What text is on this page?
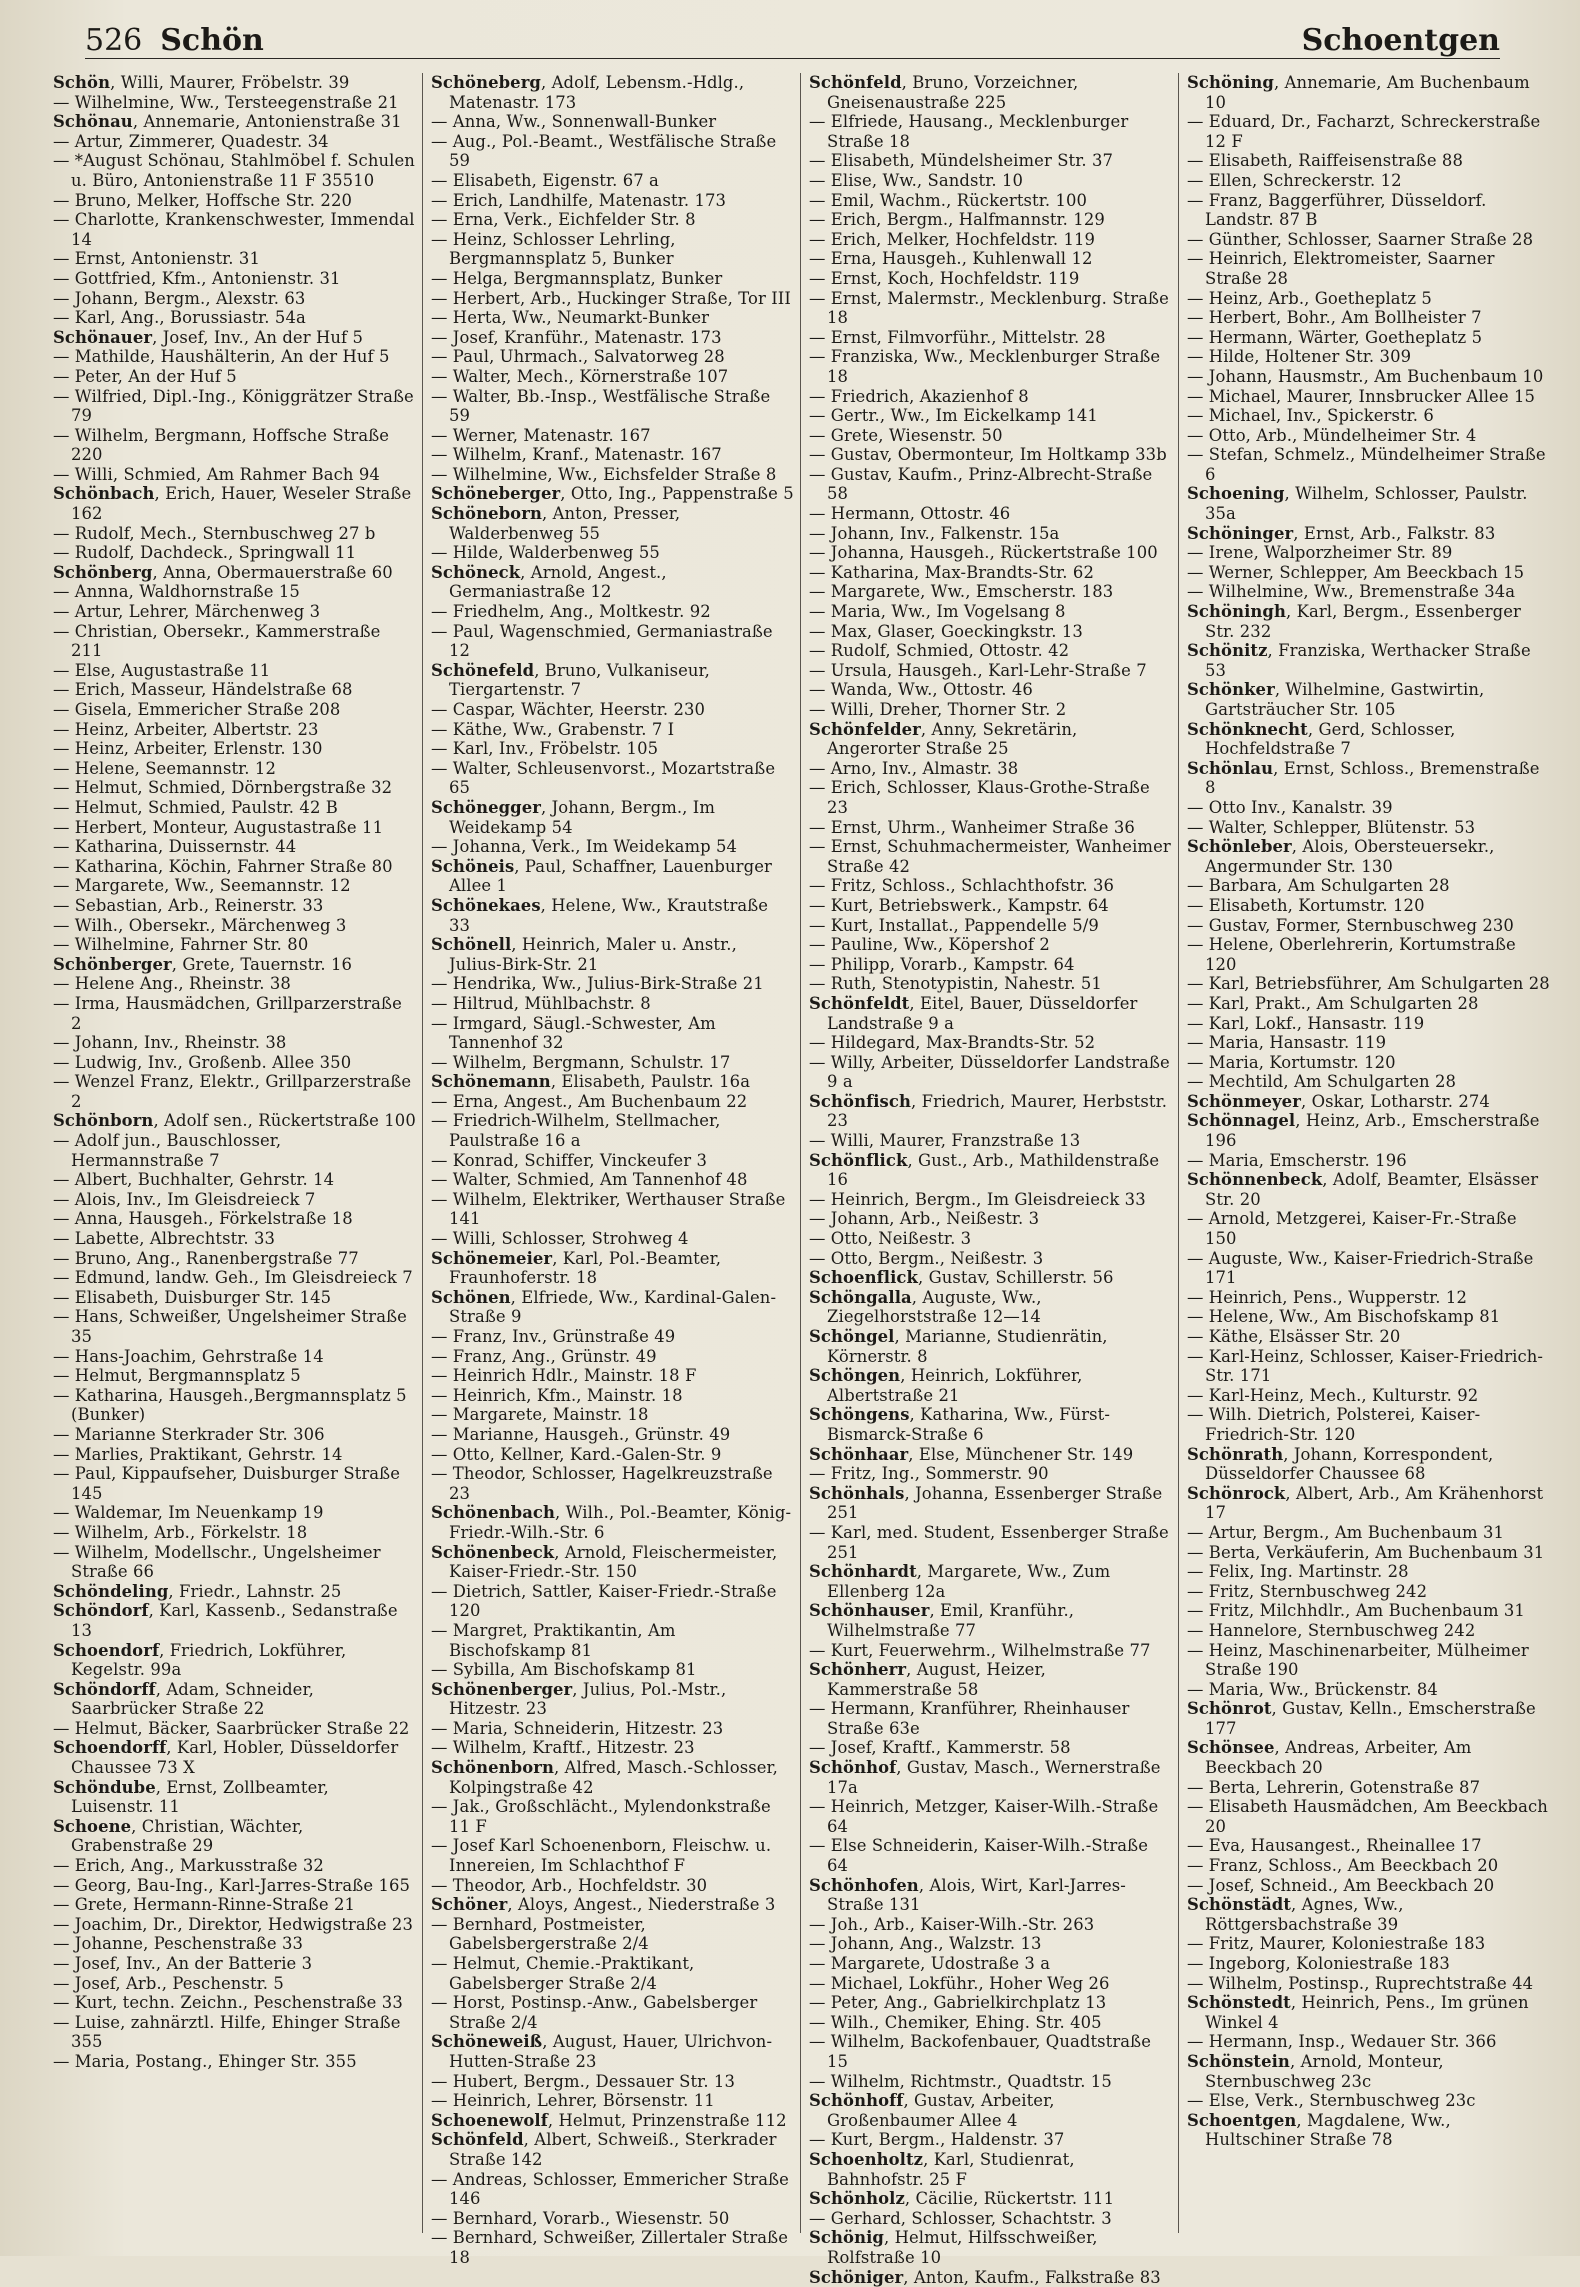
526 Schön	Schoentgen
Schön, Willi, Maurer, Fröbelstr. 39
— Wilhelmine, Ww., Tersteegenstraße 21
Schönau, Annemarie, Antonienstraße 31
— Artur, Zimmerer, Quadestr. 34
— *August Schönau, Stahlmöbel f. Schulen u. Büro, Antonienstraße 11 F 35510
— Bruno, Melker, Hoffsche Str. 220
— Charlotte, Krankenschwester, Immendal 14
— Ernst, Antonienstr. 31
— Gottfried, Kfm., Antonienstr. 31
— Johann, Bergm., Alexstr. 63
— Karl, Ang., Borussiastr. 54a
Schönauer, Josef, Inv., An der Huf 5
— Mathilde, Haushälterin, An der Huf 5
— Peter, An der Huf 5
— Wilfried, Dipl.-Ing., Königgrätzer Straße 79
— Wilhelm, Bergmann, Hoffsche Straße 220
— Willi, Schmied, Am Rahmer Bach 94
Schönbach, Erich, Hauer, Weseler Straße 162
— Rudolf, Mech., Sternbuschweg 27 b
— Rudolf, Dachdeck., Springwall 11
Schönberg, Anna, Obermauerstraße 60
— Annna, Waldhornstraße 15
— Artur, Lehrer, Märchenweg 3
— Christian, Obersekr., Kammerstraße 211
— Else, Augustastraße 11
— Erich, Masseur, Händelstraße 68
— Gisela, Emmericher Straße 208
— Heinz, Arbeiter, Albertstr. 23
— Heinz, Arbeiter, Erlenstr. 130
— Helene, Seemannstr. 12
— Helmut, Schmied, Dörnbergstraße 32
— Helmut, Schmied, Paulstr. 42 B
— Herbert, Monteur, Augustastraße 11
— Katharina, Duissernstr. 44
— Katharina, Köchin, Fahrner Straße 80
— Margarete, Ww., Seemannstr. 12
— Sebastian, Arb., Reinerstr. 33
— Wilh., Obersekr., Märchenweg 3
— Wilhelmine, Fahrner Str. 80
Schönberger, Grete, Tauernstr. 16
— Helene Ang., Rheinstr. 38
— Irma, Hausmädchen, Grillparzerstraße 2
— Johann, Inv., Rheinstr. 38
— Ludwig, Inv., Großenb. Allee 350
— Wenzel Franz, Elektr., Grillparzerstraße 2
Schönborn, Adolf sen., Rückertstraße 100
— Adolf jun., Bauschlosser, Hermannstraße 7
— Albert, Buchhalter, Gehrstr. 14
— Alois, Inv., Im Gleisdreieck 7
— Anna, Hausgeh., Förkelstraße 18
— Labette, Albrechtstr. 33
— Bruno, Ang., Ranenbergstraße 77
— Edmund, landw. Geh., Im Gleisdreieck 7
— Elisabeth, Duisburger Str. 145
— Hans, Schweißer, Ungelsheimer Straße 35
— Hans-Joachim, Gehrstraße 14
— Helmut, Bergmannsplatz 5
— Katharina, Hausgeh.,Bergmannsplatz 5 (Bunker)
— Marianne Sterkrader Str. 306
— Marlies, Praktikant, Gehrstr. 14
— Paul, Kippaufseher, Duisburger Straße 145
— Waldemar, Im Neuenkamp 19
— Wilhelm, Arb., Förkelstr. 18
— Wilhelm, Modellschr., Ungelsheimer Straße 66
Schöndeling, Friedr., Lahnstr. 25
Schöndorf, Karl, Kassenb., Sedanstraße 13
Schoendorf, Friedrich, Lokführer, Kegelstr. 99a
Schöndorff, Adam, Schneider, Saarbrücker Straße 22
— Helmut, Bäcker, Saarbrücker Straße 22
Schoendorff, Karl, Hobler, Düsseldorfer Chaussee 73 X
Schöndube, Ernst, Zollbeamter, Luisenstr. 11
Schoene, Christian, Wächter, Grabenstraße 29
— Erich, Ang., Markusstraße 32
— Georg, Bau-Ing., Karl-Jarres-Straße 165
— Grete, Hermann-Rinne-Straße 21
— Joachim, Dr., Direktor, Hedwigstraße 23
— Johanne, Peschenstraße 33
— Josef, Inv., An der Batterie 3
— Josef, Arb., Peschenstr. 5
— Kurt, techn. Zeichn., Peschenstraße 33
— Luise, zahnärztl. Hilfe, Ehinger Straße 355
— Maria, Postang., Ehinger Str. 355
Schöneberg, Adolf, Lebensm.-Hdlg., Matenastr. 173
— Anna, Ww., Sonnenwall-Bunker
— Aug., Pol.-Beamt., Westfälische Straße 59
— Elisabeth, Eigenstr. 67 a
— Erich, Landhilfe, Matenastr. 173
— Erna, Verk., Eichfelder Str. 8
— Heinz, Schlosser Lehrling, Bergmannsplatz 5, Bunker
— Helga, Bergmannsplatz, Bunker
— Herbert, Arb., Huckinger Straße, Tor III
— Herta, Ww., Neumarkt-Bunker
— Josef, Kranführ., Matenastr. 173
— Paul, Uhrmach., Salvatorweg 28
— Walter, Mech., Körnerstraße 107
— Walter, Bb.-Insp., Westfälische Straße 59
— Werner, Matenastr. 167
— Wilhelm, Kranf., Matenastr. 167
— Wilhelmine, Ww., Eichsfelder Straße 8
Schöneberger, Otto, Ing., Pappenstraße 5
Schöneborn, Anton, Presser, Walderbenweg 55
— Hilde, Walderbenweg 55
Schöneck, Arnold, Angest., Germaniastraße 12
— Friedhelm, Ang., Moltkestr. 92
— Paul, Wagenschmied, Germaniastraße 12
Schönefeld, Bruno, Vulkaniseur, Tiergartenstr. 7
— Caspar, Wächter, Heerstr. 230
— Käthe, Ww., Grabenstr. 7 I
— Karl, Inv., Fröbelstr. 105
— Walter, Schleusenvorst., Mozartstraße 65
Schönegger, Johann, Bergm., Im Weidekamp 54
— Johanna, Verk., Im Weidekamp 54
Schöneis, Paul, Schaffner, Lauenburger Allee 1
Schönekaes, Helene, Ww., Krautstraße 33
Schönell, Heinrich, Maler u. Anstr., Julius-Birk-Str. 21
— Hendrika, Ww., Julius-Birk-Straße 21
— Hiltrud, Mühlbachstr. 8
— Irmgard, Säugl.-Schwester, Am Tannenhof 32
— Wilhelm, Bergmann, Schulstr. 17
Schönemann, Elisabeth, Paulstr. 16a
— Erna, Angest., Am Buchenbaum 22
— Friedrich-Wilhelm, Stellmacher, Paulstraße 16 a
— Konrad, Schiffer, Vinckeufer 3
— Walter, Schmied, Am Tannenhof 48
— Wilhelm, Elektriker, Werthauser Straße 141
— Willi, Schlosser, Strohweg 4
Schönemeier, Karl, Pol.-Beamter, Fraunhoferstr. 18
Schönen, Elfriede, Ww., Kardinal-Galen-Straße 9
— Franz, Inv., Grünstraße 49
— Franz, Ang., Grünstr. 49
— Heinrich Hdlr., Mainstr. 18 F
— Heinrich, Kfm., Mainstr. 18
— Margarete, Mainstr. 18
— Marianne, Hausgeh., Grünstr. 49
— Otto, Kellner, Kard.-Galen-Str. 9
— Theodor, Schlosser, Hagelkreuzstraße 23
Schönenbach, Wilh., Pol.-Beamter, König-Friedr.-Wilh.-Str. 6
Schönenbeck, Arnold, Fleischermeister, Kaiser-Friedr.-Str. 150
— Dietrich, Sattler, Kaiser-Friedr.-Straße 120
— Margret, Praktikantin, Am Bischofskamp 81
— Sybilla, Am Bischofskamp 81
Schönenberger, Julius, Pol.-Mstr., Hitzestr. 23
— Maria, Schneiderin, Hitzestr. 23
— Wilhelm, Kraftf., Hitzestr. 23
Schönenborn, Alfred, Masch.-Schlosser, Kolpingstraße 42
— Jak., Großschlächt., Mylendonkstraße 11 F
— Josef Karl Schoenenborn, Fleischw. u. Innereien, Im Schlachthof F
— Theodor, Arb., Hochfeldstr. 30
Schöner, Aloys, Angest., Niederstraße 3
— Bernhard, Postmeister, Gabelsbergerstraße 2/4
— Helmut, Chemie.-Praktikant, Gabelsberger Straße 2/4
— Horst, Postinsp.-Anw., Gabelsberger Straße 2/4
Schöneweiß, August, Hauer, Ulrichvon-Hutten-Straße 23
— Hubert, Bergm., Dessauer Str. 13
— Heinrich, Lehrer, Börsenstr. 11
Schoenewolf, Helmut, Prinzenstraße 112
Schönfeld, Albert, Schweiß., Sterkrader Straße 142
— Andreas, Schlosser, Emmericher Straße 146
— Bernhard, Vorarb., Wiesenstr. 50
— Bernhard, Schweißer, Zillertaler Straße 18
Schönfeld, Bruno, Vorzeichner, Gneisenaustraße 225
— Elfriede, Hausang., Mecklenburger Straße 18
— Elisabeth, Mündelsheimer Str. 37
— Elise, Ww., Sandstr. 10
— Emil, Wachm., Rückertstr. 100
— Erich, Bergm., Halfmannstr. 129
— Erich, Melker, Hochfeldstr. 119
— Erna, Hausgeh., Kuhlenwall 12
— Ernst, Koch, Hochfeldstr. 119
— Ernst, Malermstr., Mecklenburg. Straße 18
— Ernst, Filmvorführ., Mittelstr. 28
— Franziska, Ww., Mecklenburger Straße 18
— Friedrich, Akazienhof 8
— Gertr., Ww., Im Eickelkamp 141
— Grete, Wiesenstr. 50
— Gustav, Obermonteur, Im Holtkamp 33b
— Gustav, Kaufm., Prinz-Albrecht-Straße 58
— Hermann, Ottostr. 46
— Johann, Inv., Falkenstr. 15a
— Johanna, Hausgeh., Rückertstraße 100
— Katharina, Max-Brandts-Str. 62
— Margarete, Ww., Emscherstr. 183
— Maria, Ww., Im Vogelsang 8
— Max, Glaser, Goeckingkstr. 13
— Rudolf, Schmied, Ottostr. 42
— Ursula, Hausgeh., Karl-Lehr-Straße 7
— Wanda, Ww., Ottostr. 46
— Willi, Dreher, Thorner Str. 2
Schönfelder, Anny, Sekretärin, Angerorter Straße 25
— Arno, Inv., Almastr. 38
— Erich, Schlosser, Klaus-Grothe-Straße 23
— Ernst, Uhrm., Wanheimer Straße 36
— Ernst, Schuhmachermeister, Wanheimer Straße 42
— Fritz, Schloss., Schlachthofstr. 36
— Kurt, Betriebswerk., Kampstr. 64
— Kurt, Installat., Pappendelle 5/9
— Pauline, Ww., Köpershof 2
— Philipp, Vorarb., Kampstr. 64
— Ruth, Stenotypistin, Nahestr. 51
Schönfeldt, Eitel, Bauer, Düsseldorfer Landstraße 9 a
— Hildegard, Max-Brandts-Str. 52
— Willy, Arbeiter, Düsseldorfer Landstraße 9 a
Schönfisch, Friedrich, Maurer, Herbststr. 23
— Willi, Maurer, Franzstraße 13
Schönflick, Gust., Arb., Mathildenstraße 16
— Heinrich, Bergm., Im Gleisdreieck 33
— Johann, Arb., Neißestr. 3
— Otto, Neißestr. 3
— Otto, Bergm., Neißestr. 3
Schoenflick, Gustav, Schillerstr. 56
Schöngalla, Auguste, Ww., Ziegelhorststraße 12—14
Schöngel, Marianne, Studienrätin, Körnerstr. 8
Schöngen, Heinrich, Lokführer, Albertstraße 21
Schöngens, Katharina, Ww., Fürst-Bismarck-Straße 6
Schönhaar, Else, Münchener Str. 149
— Fritz, Ing., Sommerstr. 90
Schönhals, Johanna, Essenberger Straße 251
— Karl, med. Student, Essenberger Straße 251
Schönhardt, Margarete, Ww., Zum Ellenberg 12a
Schönhauser, Emil, Kranführ., Wilhelmstraße 77
— Kurt, Feuerwehrm., Wilhelmstraße 77
Schönherr, August, Heizer, Kammerstraße 58
— Hermann, Kranführer, Rheinhauser Straße 63e
— Josef, Kraftf., Kammerstr. 58
Schönhof, Gustav, Masch., Wernerstraße 17a
— Heinrich, Metzger, Kaiser-Wilh.-Straße 64
— Else Schneiderin, Kaiser-Wilh.-Straße 64
Schönhofen, Alois, Wirt, Karl-Jarres-Straße 131
— Joh., Arb., Kaiser-Wilh.-Str. 263
— Johann, Ang., Walzstr. 13
— Margarete, Udostraße 3 a
— Michael, Lokführ., Hoher Weg 26
— Peter, Ang., Gabrielkirchplatz 13
— Wilh., Chemiker, Ehing. Str. 405
— Wilhelm, Backofenbauer, Quadtstraße 15
— Wilhelm, Richtmstr., Quadtstr. 15
Schönhoff, Gustav, Arbeiter, Großenbaumer Allee 4
— Kurt, Bergm., Haldenstr. 37
Schoenholtz, Karl, Studienrat, Bahnhofstr. 25 F
Schönholz, Cäcilie, Rückertstr. 111
— Gerhard, Schlosser, Schachtstr. 3
Schönig, Helmut, Hilfsschweißer, Rolfstraße 10
Schöniger, Anton, Kaufm., Falkstraße 83
Schöning, Annemarie, Am Buchenbaum 10
— Eduard, Dr., Facharzt, Schreckerstraße 12 F
— Elisabeth, Raiffeisenstraße 88
— Ellen, Schreckerstr. 12
— Franz, Baggerführer, Düsseldorf. Landstr. 87 B
— Günther, Schlosser, Saarner Straße 28
— Heinrich, Elektromeister, Saarner Straße 28
— Heinz, Arb., Goetheplatz 5
— Herbert, Bohr., Am Bollheister 7
— Hermann, Wärter, Goetheplatz 5
— Hilde, Holtener Str. 309
— Johann, Hausmstr., Am Buchenbaum 10
— Michael, Maurer, Innsbrucker Allee 15
— Michael, Inv., Spickerstr. 6
— Otto, Arb., Mündelheimer Str. 4
— Stefan, Schmelz., Mündelheimer Straße 6
Schoening, Wilhelm, Schlosser, Paulstr. 35a
Schöninger, Ernst, Arb., Falkstr. 83
— Irene, Walporzheimer Str. 89
— Werner, Schlepper, Am Beeckbach 15
— Wilhelmine, Ww., Bremenstraße 34a
Schöningh, Karl, Bergm., Essenberger Str. 232
Schönitz, Franziska, Werthacker Straße 53
Schönker, Wilhelmine, Gastwirtin, Gartsträucher Str. 105
Schönknecht, Gerd, Schlosser, Hochfeldstraße 7
Schönlau, Ernst, Schloss., Bremenstraße 8
— Otto Inv., Kanalstr. 39
— Walter, Schlepper, Blütenstr. 53
Schönleber, Alois, Obersteuersekr., Angermunder Str. 130
— Barbara, Am Schulgarten 28
— Elisabeth, Kortumstr. 120
— Gustav, Former, Sternbuschweg 230
— Helene, Oberlehrerin, Kortumstraße 120
— Karl, Betriebsführer, Am Schulgarten 28
— Karl, Prakt., Am Schulgarten 28
— Karl, Lokf., Hansastr. 119
— Maria, Hansastr. 119
— Maria, Kortumstr. 120
— Mechtild, Am Schulgarten 28
Schönmeyer, Oskar, Lotharstr. 274
Schönnagel, Heinz, Arb., Emscherstraße 196
— Maria, Emscherstr. 196
Schönnenbeck, Adolf, Beamter, Elsässer Str. 20
— Arnold, Metzgerei, Kaiser-Fr.-Straße 150
— Auguste, Ww., Kaiser-Friedrich-Straße 171
— Heinrich, Pens., Wupperstr. 12
— Helene, Ww., Am Bischofskamp 81
— Käthe, Elsässer Str. 20
— Karl-Heinz, Schlosser, Kaiser-Friedrich-Str. 171
— Karl-Heinz, Mech., Kulturstr. 92
— Wilh. Dietrich, Polsterei, Kaiser-Friedrich-Str. 120
Schönrath, Johann, Korrespondent, Düsseldorfer Chaussee 68
Schönrock, Albert, Arb., Am Krähenhorst 17
— Artur, Bergm., Am Buchenbaum 31
— Berta, Verkäuferin, Am Buchenbaum 31
— Felix, Ing. Martinstr. 28
— Fritz, Sternbuschweg 242
— Fritz, Milchhdlr., Am Buchenbaum 31
— Hannelore, Sternbuschweg 242
— Heinz, Maschinenarbeiter, Mülheimer Straße 190
— Maria, Ww., Brückenstr. 84
Schönrot, Gustav, Kelln., Emscherstraße 177
Schönsee, Andreas, Arbeiter, Am Beeckbach 20
— Berta, Lehrerin, Gotenstraße 87
— Elisabeth Hausmädchen, Am Beeckbach 20
— Eva, Hausangest., Rheinallee 17
— Franz, Schloss., Am Beeckbach 20
— Josef, Schneid., Am Beeckbach 20
Schönstädt, Agnes, Ww., Röttgersbachstraße 39
— Fritz, Maurer, Koloniestraße 183
— Ingeborg, Koloniestraße 183
— Wilhelm, Postinsp., Ruprechtstraße 44
Schönstedt, Heinrich, Pens., Im grünen Winkel 4
— Hermann, Insp., Wedauer Str. 366
Schönstein, Arnold, Monteur, Sternbuschweg 23c
— Else, Verk., Sternbuschweg 23c
Schoentgen, Magdalene, Ww., Hultschiner Straße 78
